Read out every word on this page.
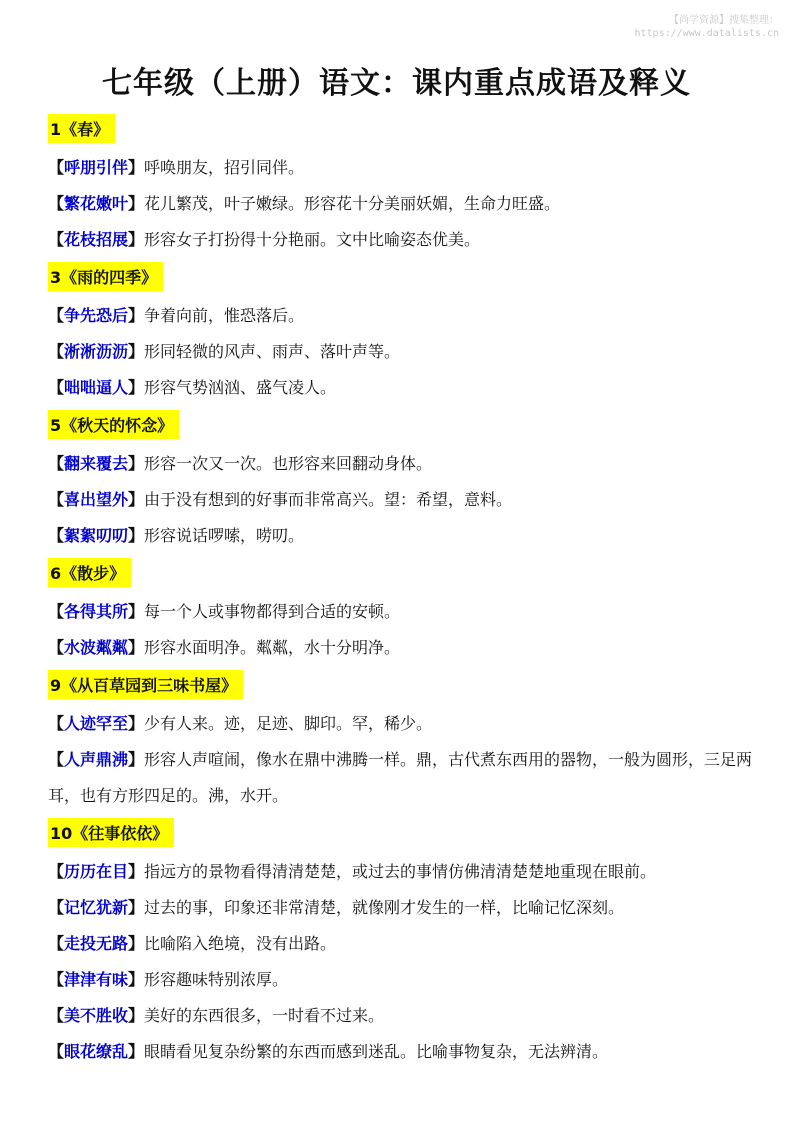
【尚学资源】搜集整理：
https://www.datalists.cn
七年级（上册）语文：课内重点成语及释义
1《春》

【呼朋引伴】呼唤朋友，招引同伴。

【繁花嫩叶】花儿繁茂，叶子嫩绿。形容花十分美丽妖媚，生命力旺盛。

【花枝招展】形容女子打扮得十分艳丽。文中比喻姿态优美。

3《雨的四季》

【争先恐后】争着向前，惟恐落后。

【淅淅沥沥】形同轻微的风声、雨声、落叶声等。

【咄咄逼人】形容气势汹汹、盛气凌人。

5《秋天的怀念》

【翻来覆去】形容一次又一次。也形容来回翻动身体。

【喜出望外】由于没有想到的好事而非常高兴。望：希望，意料。

【絮絮叨叨】形容说话啰嗦，唠叨。

6《散步》

【各得其所】每一个人或事物都得到合适的安顿。

【水波粼粼】形容水面明净。粼粼，水十分明净。

9《从百草园到三味书屋》

【人迹罕至】少有人来。迹，足迹、脚印。罕，稀少。

【人声鼎沸】形容人声喧闹，像水在鼎中沸腾一样。鼎，古代煮东西用的器物，一般为圆形，三足两耳，也有方形四足的。沸，水开。

10《往事依依》

【历历在目】指远方的景物看得清清楚楚，或过去的事情仿佛清清楚楚地重现在眼前。

【记忆犹新】过去的事，印象还非常清楚，就像刚才发生的一样，比喻记忆深刻。

【走投无路】比喻陷入绝境，没有出路。

【津津有味】形容趣味特别浓厚。

【美不胜收】美好的东西很多，一时看不过来。

【眼花缭乱】眼睛看见复杂纷繁的东西而感到迷乱。比喻事物复杂，无法辨清。
